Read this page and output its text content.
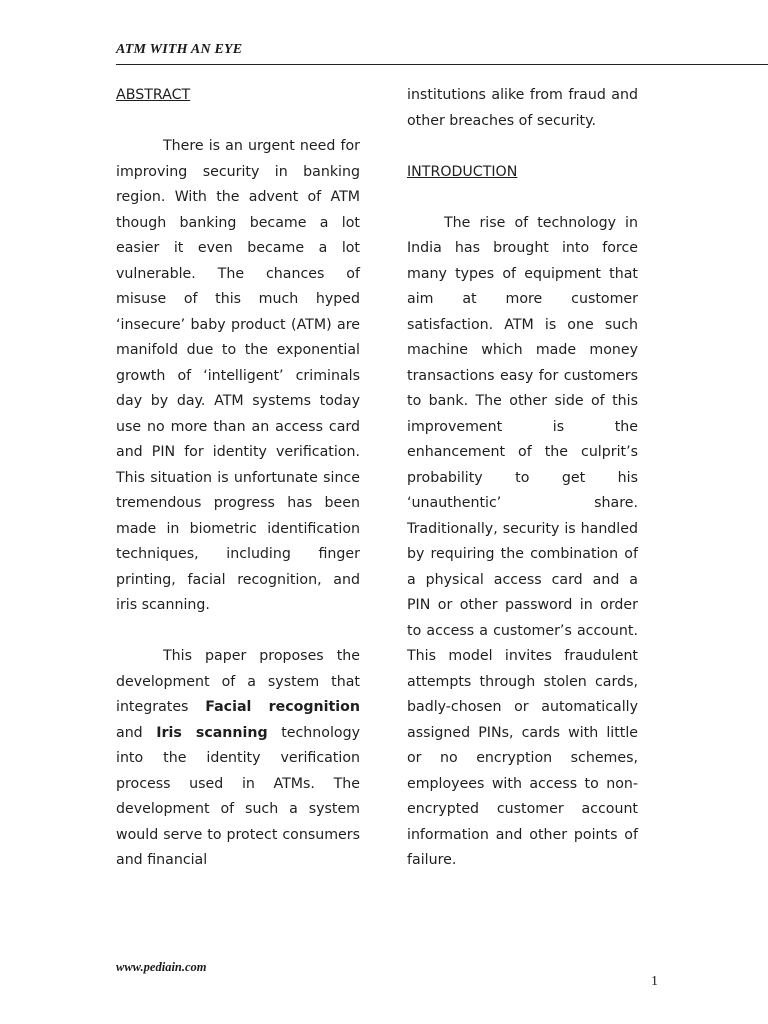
ATM WITH AN EYE
ABSTRACT

There is an urgent need for improving security in banking region. With the advent of ATM though banking became a lot easier it even became a lot vulnerable. The chances of misuse of this much hyped ‘insecure’ baby product (ATM) are manifold due to the exponential growth of ‘intelligent’ criminals day by day. ATM systems today use no more than an access card and PIN for identity verification. This situation is unfortunate since tremendous progress has been made in biometric identification techniques, including finger printing, facial recognition, and iris scanning.

This paper proposes the development of a system that integrates Facial recognition and Iris scanning technology into the identity verification process used in ATMs. The development of such a system would serve to protect consumers and financial

institutions alike from fraud and other breaches of security.

INTRODUCTION

The rise of technology in India has brought into force many types of equipment that aim at more customer satisfaction. ATM is one such machine which made money transactions easy for customers to bank. The other side of this improvement is the enhancement of the culprit’s probability to get his ‘unauthentic’ share. Traditionally, security is handled by requiring the combination of a physical access card and a PIN or other password in order to access a customer’s account. This model invites fraudulent attempts through stolen cards, badly-chosen or automatically assigned PINs, cards with little or no encryption schemes, employees with access to non-encrypted customer account information and other points of failure.

www.pediain.com
1
